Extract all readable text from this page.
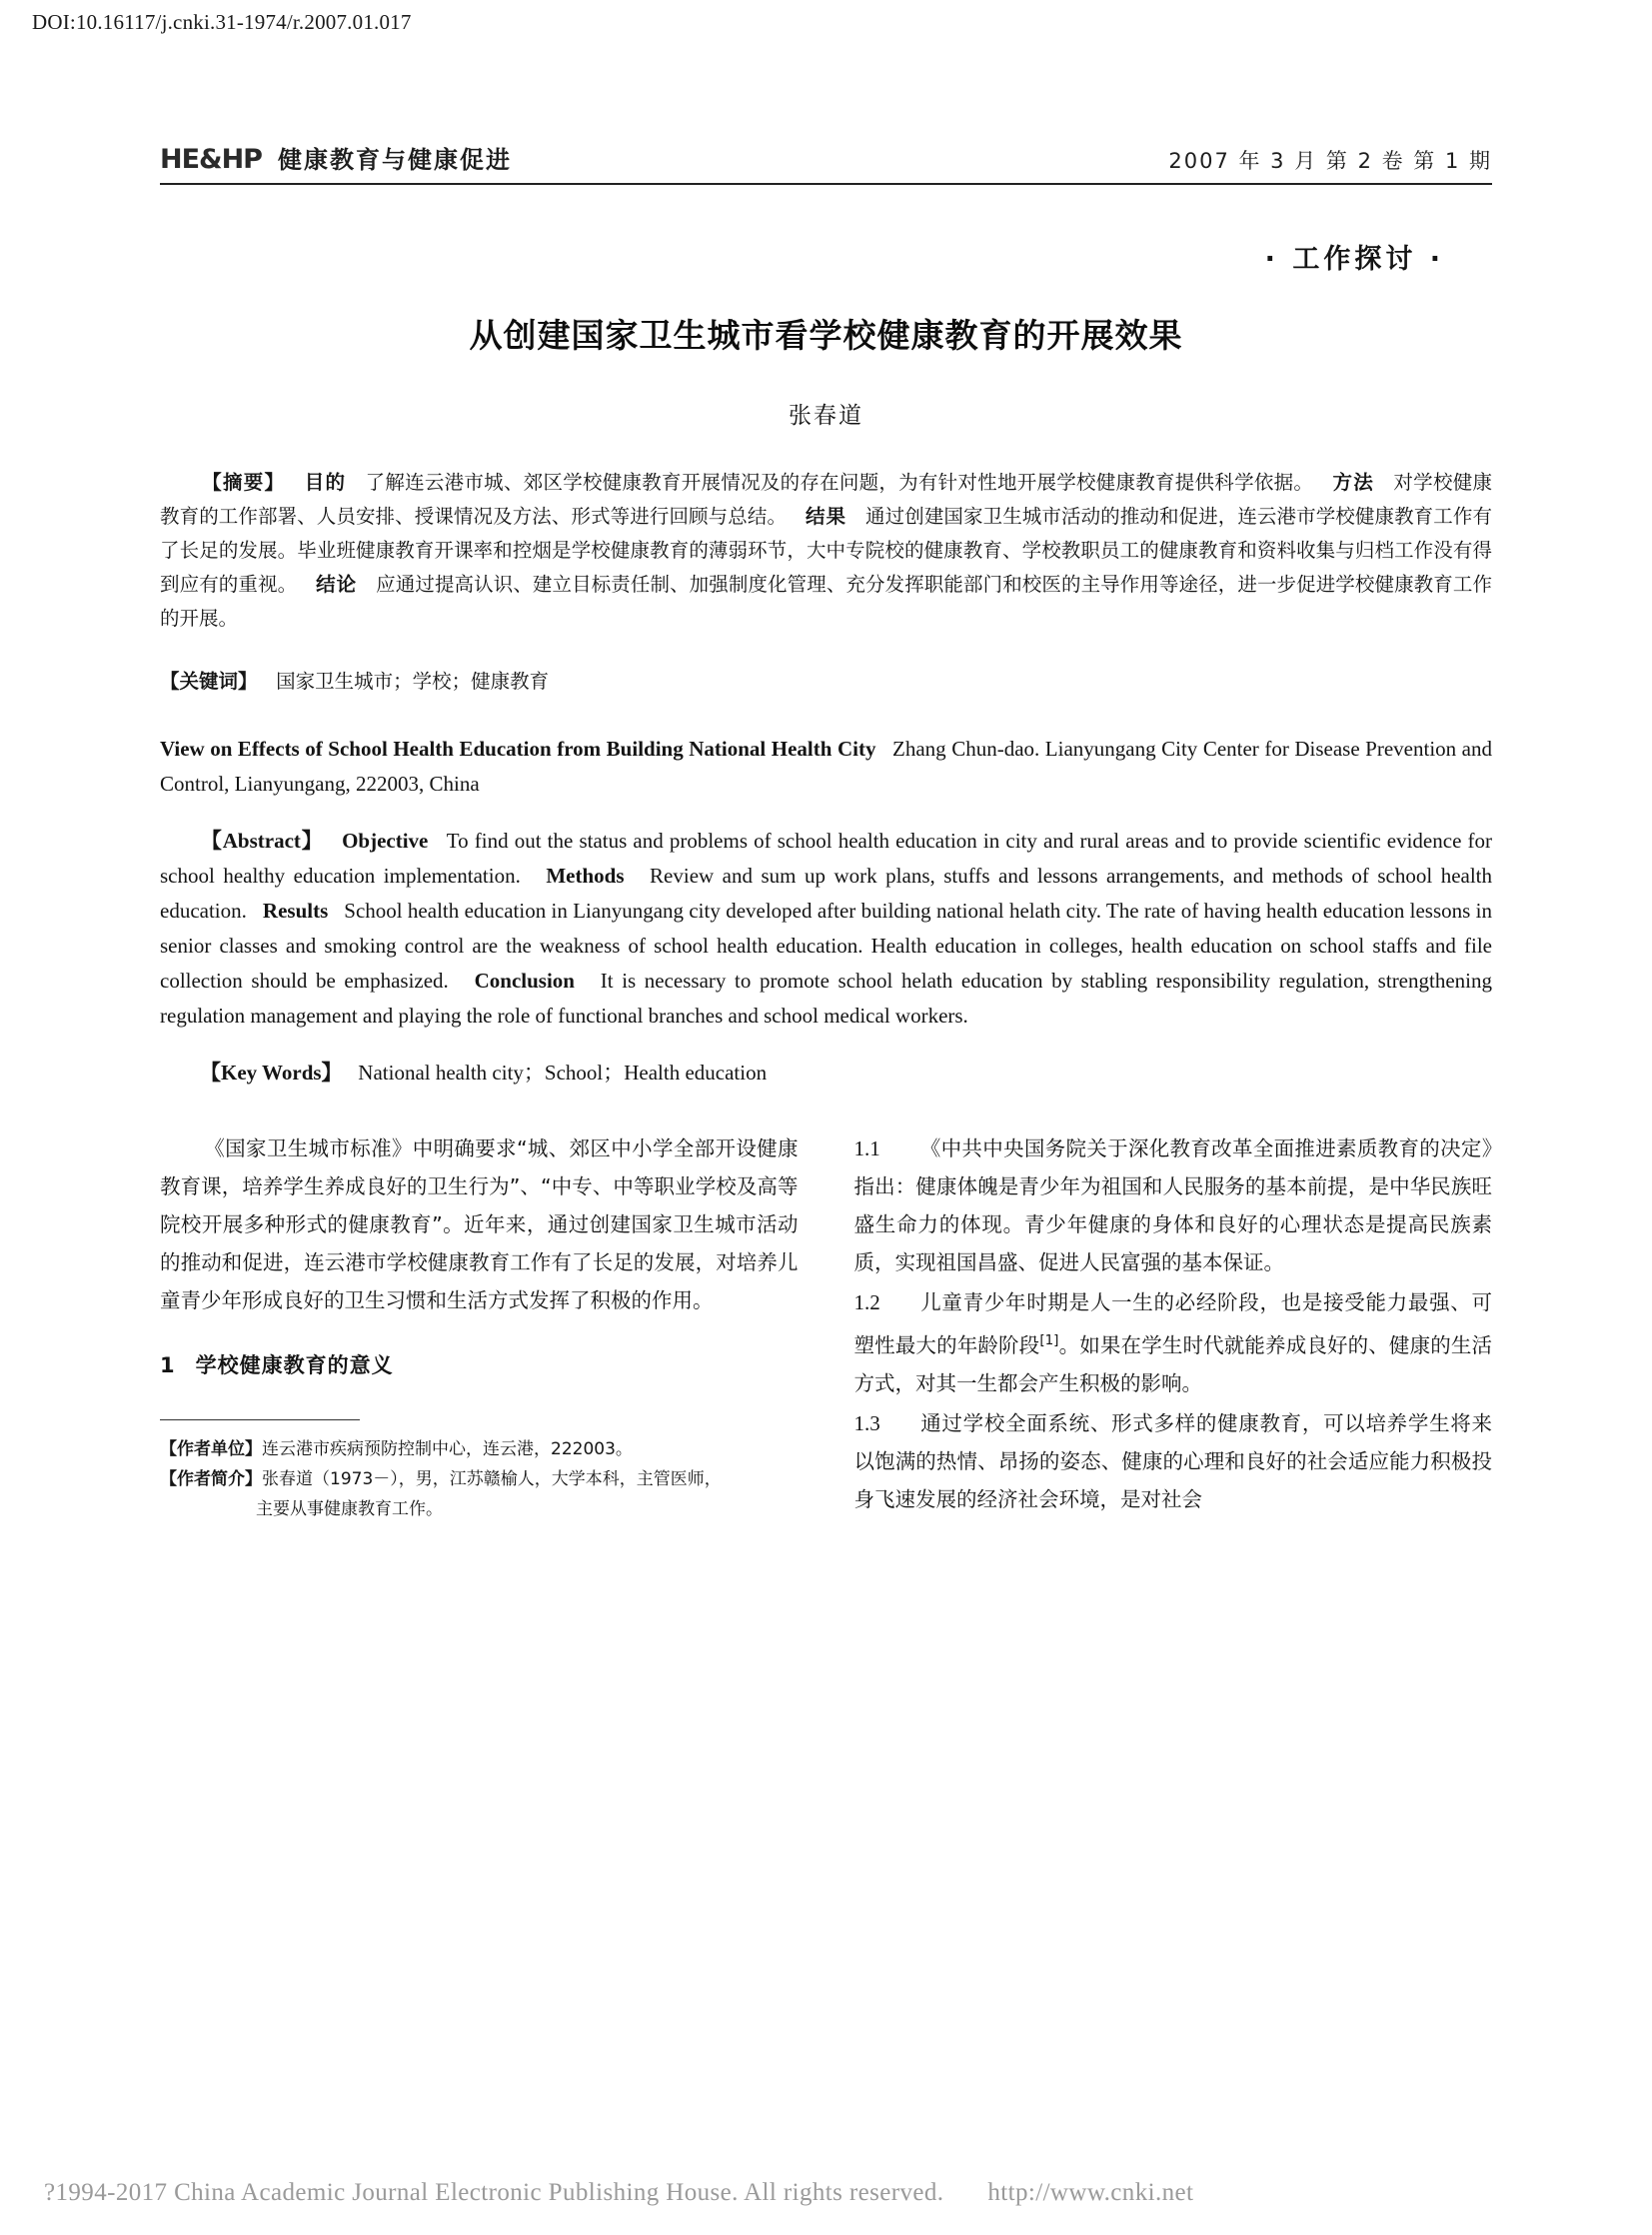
DOI:10.16117/j.cnki.31-1974/r.2007.01.017
HE&HP 健康教育与健康促进	2007 年 3 月 第 2 卷 第 1 期
· 工作探讨 ·
从创建国家卫生城市看学校健康教育的开展效果
张春道
【摘要】 目的 了解连云港市城、郊区学校健康教育开展情况及的存在问题，为有针对性地开展学校健康教育提供科学依据。 方法 对学校健康教育的工作部署、人员安排、授课情况及方法、形式等进行回顾与总结。 结果 通过创建国家卫生城市活动的推动和促进，连云港市学校健康教育工作有了长足的发展。毕业班健康教育开课率和控烟是学校健康教育的薄弱环节，大中专院校的健康教育、学校教职员工的健康教育和资料收集与归档工作没有得到应有的重视。 结论 应通过提高认识、建立目标责任制、加强制度化管理、充分发挥职能部门和校医的主导作用等途径，进一步促进学校健康教育工作的开展。
【关键词】 国家卫生城市；学校；健康教育
View on Effects of School Health Education from Building National Health City Zhang Chun-dao. Lianyungang City Center for Disease Prevention and Control, Lianyungang, 222003, China
【Abstract】 Objective To find out the status and problems of school health education in city and rural areas and to provide scientific evidence for school healthy education implementation. Methods Review and sum up work plans, stuffs and lessons arrangements, and methods of school health education. Results School health education in Lianyungang city developed after building national helath city. The rate of having health education lessons in senior classes and smoking control are the weakness of school health education. Health education in colleges, health education on school staffs and file collection should be emphasized. Conclusion It is necessary to promote school helath education by stabling responsibility regulation, strengthening regulation management and playing the role of functional branches and school medical workers.
【Key Words】 National health city；School；Health education

《国家卫生城市标准》中明确要求“城、郊区中小学全部开设健康教育课，培养学生养成良好的卫生行为”、“中专、中等职业学校及高等院校开展多种形式的健康教育”。近年来，通过创建国家卫生城市活动的推动和促进，连云港市学校健康教育工作有了长足的发展，对培养儿童青少年形成良好的卫生习惯和生活方式发挥了积极的作用。

1 学校健康教育的意义
【作者单位】连云港市疾病预防控制中心，连云港，222003。
【作者简介】张春道（1973－），男，江苏赣榆人，大学本科，主管医师，
主要从事健康教育工作。

1.1 《中共中央国务院关于深化教育改革全面推进素质教育的决定》指出：健康体魄是青少年为祖国和人民服务的基本前提，是中华民族旺盛生命力的体现。青少年健康的身体和良好的心理状态是提高民族素质，实现祖国昌盛、促进人民富强的基本保证。

1.2 儿童青少年时期是人一生的必经阶段，也是接受能力最强、可塑性最大的年龄阶段[1]。如果在学生时代就能养成良好的、健康的生活方式，对其一生都会产生积极的影响。

1.3 通过学校全面系统、形式多样的健康教育，可以培养学生将来以饱满的热情、昂扬的姿态、健康的心理和良好的社会适应能力积极投身飞速发展的经济社会环境，是对社会

?1994-2017 China Academic Journal Electronic Publishing House. All rights reserved. http://www.cnki.net
